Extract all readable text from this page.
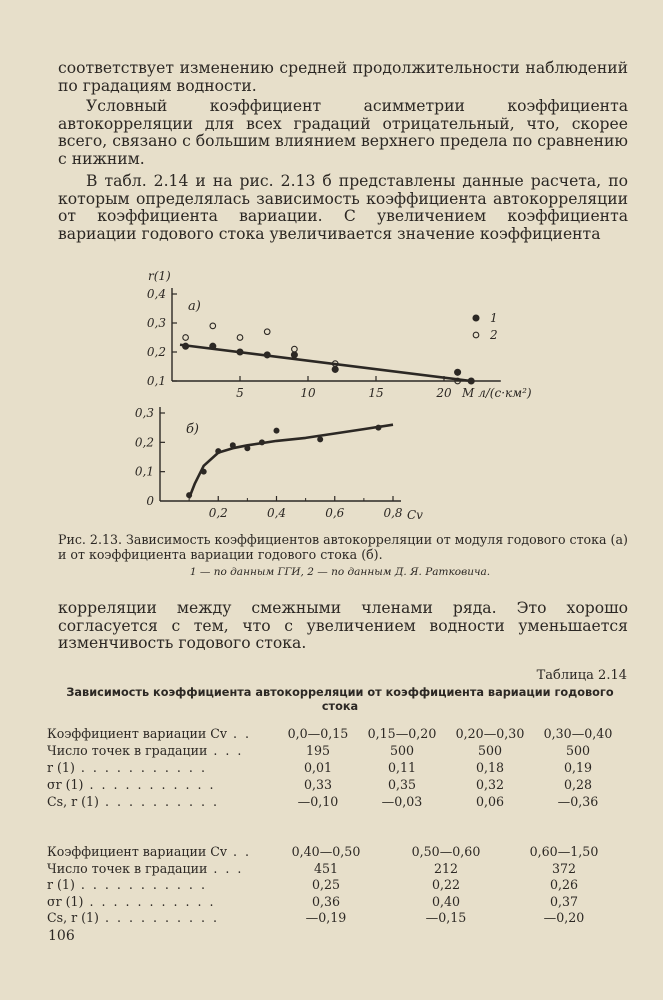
соответствует изменению средней продолжительности наблюдений по градациям водности.

Условный коэффициент асимметрии коэффициента автокорреляции для всех градаций отрицательный, что, скорее всего, связано с большим влиянием верхнего предела по сравнению с нижним.

В табл. 2.14 и на рис. 2.13 б представлены данные расчета, по которым определялась зависимость коэффициента автокорреляции от коэффициента вариации. С увеличением коэффициента вариации годового стока увеличивается значение коэффициента

5	10	15	20
0,1
0,2
0,3
0,4
r(1)
M л/(с·км²)
а)
1
2
0,2	0,4	0,6	0,8
0
0,1
0,2
0,3
Cv
б)

Рис. 2.13. Зависимость коэффициентов автокорреляции от модуля годового стока (а) и от коэффициента вариации годового стока (б).

1 — по данным ГГИ, 2 — по данным Д. Я. Ратковича.

корреляции между смежными членами ряда. Это хорошо согласуется с тем, что с увеличением водности уменьшается изменчивость годового стока.

Таблица 2.14

Зависимость коэффициента автокорреляции от коэффициента вариации годового стока

Коэффициент вариации Cv . .	0,0—0,15	0,15—0,20	0,20—0,30	0,30—0,40
Число точек в градации . . .	195	500	500	500
r (1) . . . . . . . . . . .	0,01	0,11	0,18	0,19
σr (1) . . . . . . . . . . .	0,33	0,35	0,32	0,28
Cs, r (1) . . . . . . . . . .	—0,10	—0,03	0,06	—0,36
Коэффициент вариации Cv . .	0,40—0,50	0,50—0,60	0,60—1,50
Число точек в градации . . .	451	212	372
r (1) . . . . . . . . . . .	0,25	0,22	0,26
σr (1) . . . . . . . . . . .	0,36	0,40	0,37
Cs, r (1) . . . . . . . . . .	—0,19	—0,15	—0,20

106
